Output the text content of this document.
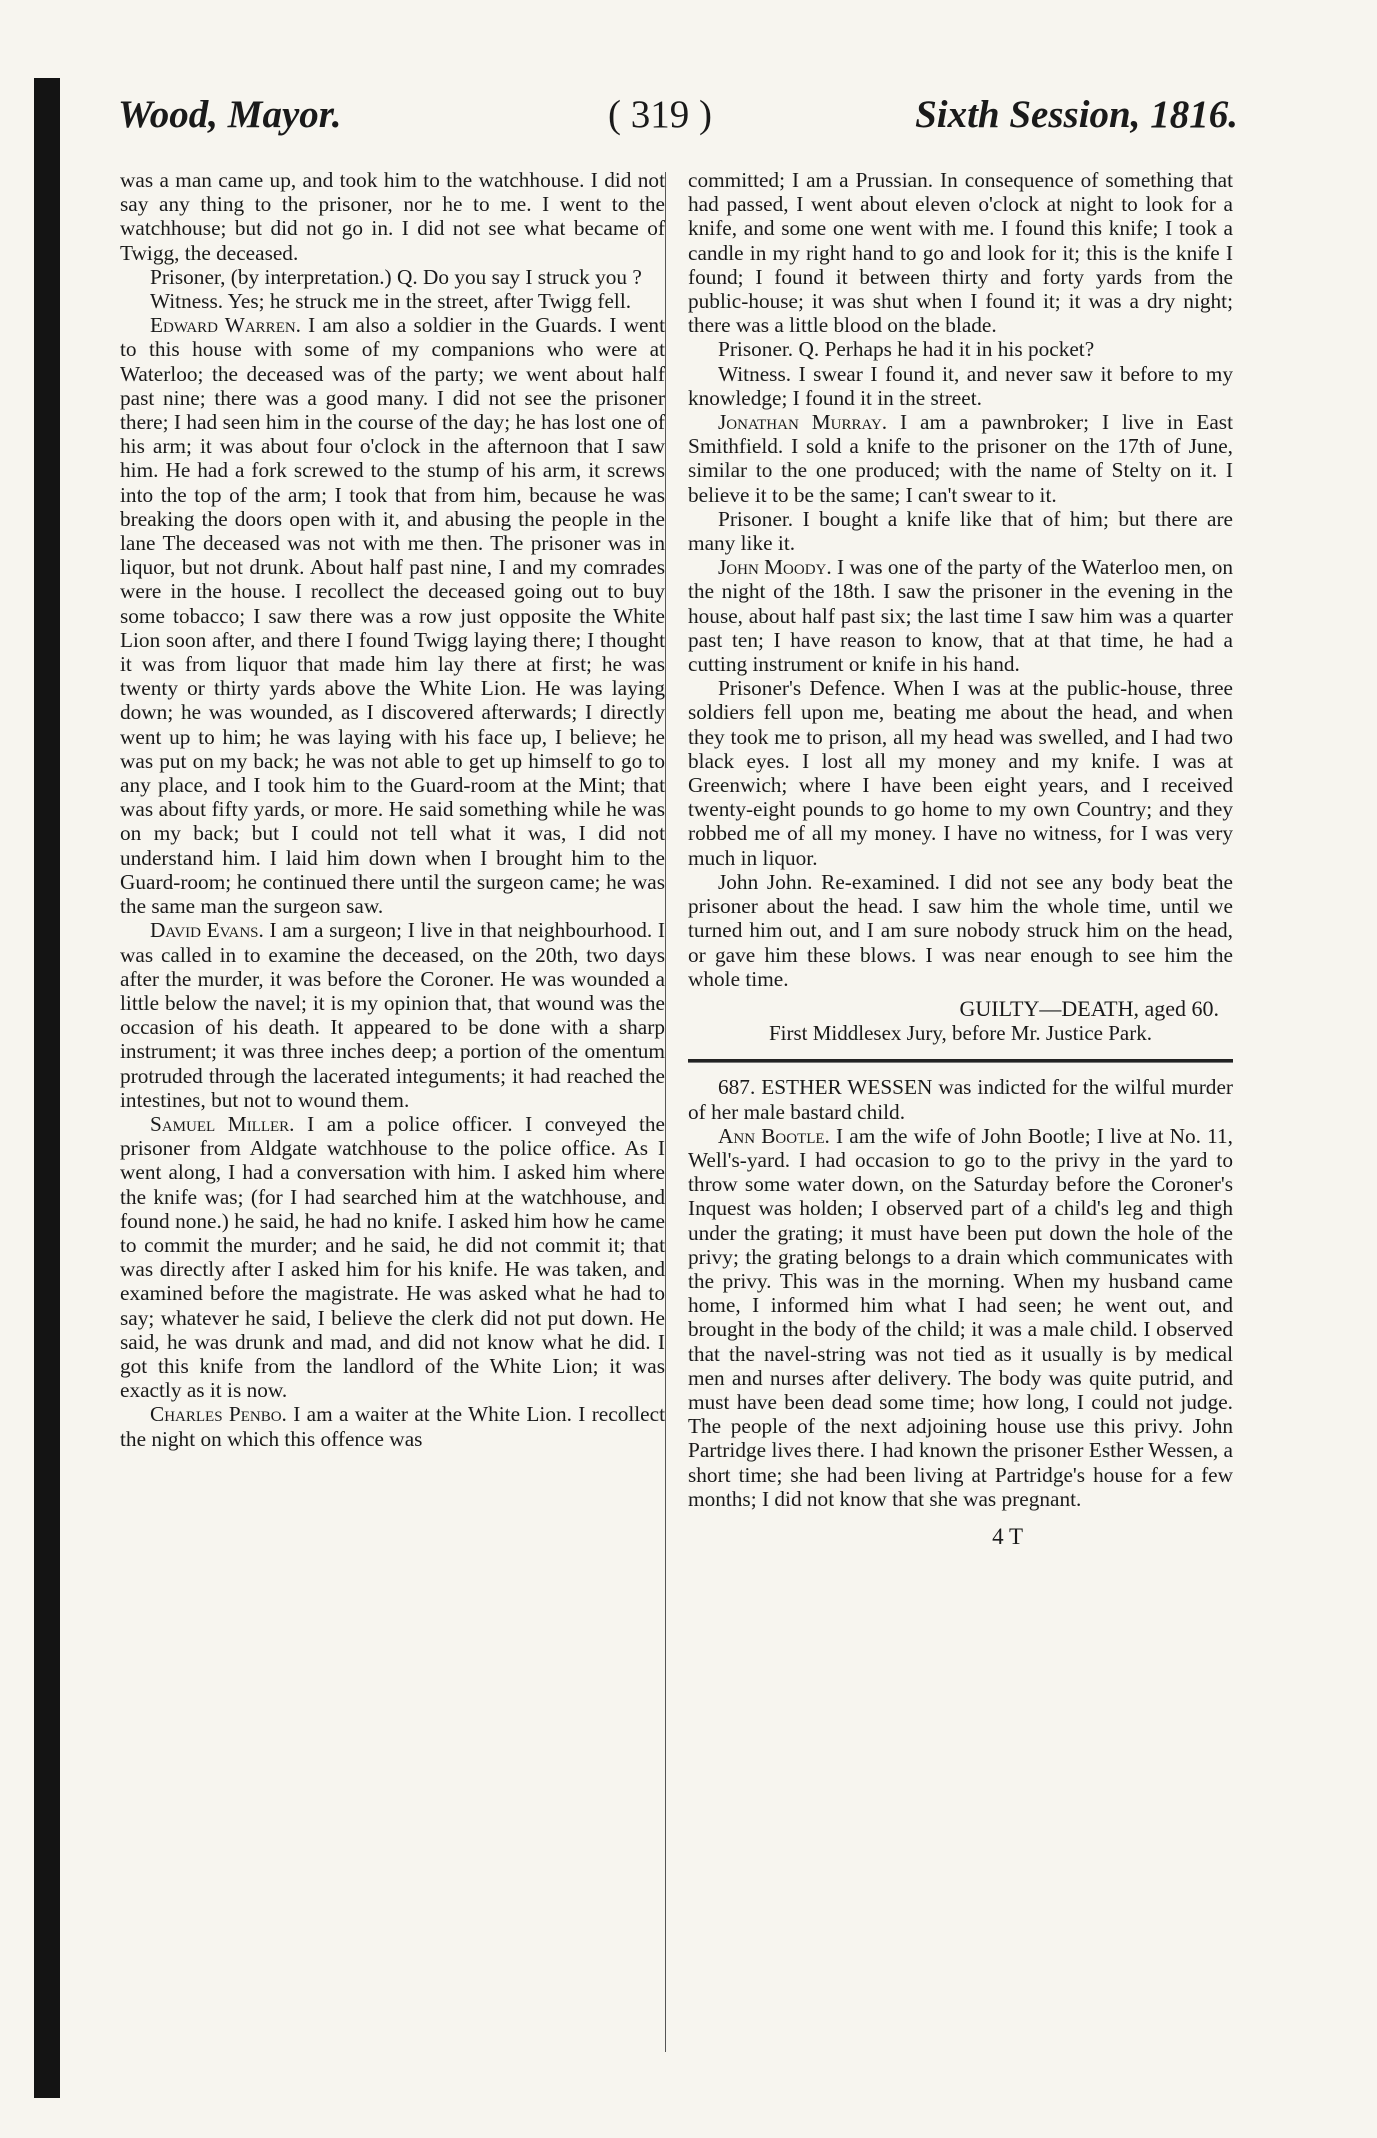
Wood, Mayor.	( 319 )	Sixth Session, 1816.

was a man came up, and took him to the watchhouse. I did not say any thing to the prisoner, nor he to me. I went to the watchhouse; but did not go in. I did not see what became of Twigg, the deceased.

Prisoner, (by interpretation.) Q. Do you say I struck you ?

Witness. Yes; he struck me in the street, after Twigg fell.

Edward Warren. I am also a soldier in the Guards. I went to this house with some of my companions who were at Waterloo; the deceased was of the party; we went about half past nine; there was a good many. I did not see the prisoner there; I had seen him in the course of the day; he has lost one of his arm; it was about four o'clock in the afternoon that I saw him. He had a fork screwed to the stump of his arm, it screws into the top of the arm; I took that from him, because he was breaking the doors open with it, and abusing the people in the lane The deceased was not with me then. The prisoner was in liquor, but not drunk. About half past nine, I and my comrades were in the house. I recollect the deceased going out to buy some tobacco; I saw there was a row just opposite the White Lion soon after, and there I found Twigg laying there; I thought it was from liquor that made him lay there at first; he was twenty or thirty yards above the White Lion. He was laying down; he was wounded, as I discovered afterwards; I directly went up to him; he was laying with his face up, I believe; he was put on my back; he was not able to get up himself to go to any place, and I took him to the Guard-room at the Mint; that was about fifty yards, or more. He said something while he was on my back; but I could not tell what it was, I did not understand him. I laid him down when I brought him to the Guard-room; he continued there until the surgeon came; he was the same man the surgeon saw.

David Evans. I am a surgeon; I live in that neighbourhood. I was called in to examine the deceased, on the 20th, two days after the murder, it was before the Coroner. He was wounded a little below the navel; it is my opinion that, that wound was the occasion of his death. It appeared to be done with a sharp instrument; it was three inches deep; a portion of the omentum protruded through the lacerated integuments; it had reached the intestines, but not to wound them.

Samuel Miller. I am a police officer. I conveyed the prisoner from Aldgate watchhouse to the police office. As I went along, I had a conversation with him. I asked him where the knife was; (for I had searched him at the watchhouse, and found none.) he said, he had no knife. I asked him how he came to commit the murder; and he said, he did not commit it; that was directly after I asked him for his knife. He was taken, and examined before the magistrate. He was asked what he had to say; whatever he said, I believe the clerk did not put down. He said, he was drunk and mad, and did not know what he did. I got this knife from the landlord of the White Lion; it was exactly as it is now.

Charles Penbo. I am a waiter at the White Lion. I recollect the night on which this offence was

committed; I am a Prussian. In consequence of something that had passed, I went about eleven o'clock at night to look for a knife, and some one went with me. I found this knife; I took a candle in my right hand to go and look for it; this is the knife I found; I found it between thirty and forty yards from the public-house; it was shut when I found it; it was a dry night; there was a little blood on the blade.

Prisoner. Q. Perhaps he had it in his pocket?

Witness. I swear I found it, and never saw it before to my knowledge; I found it in the street.

Jonathan Murray. I am a pawnbroker; I live in East Smithfield. I sold a knife to the prisoner on the 17th of June, similar to the one produced; with the name of Stelty on it. I believe it to be the same; I can't swear to it.

Prisoner. I bought a knife like that of him; but there are many like it.

John Moody. I was one of the party of the Waterloo men, on the night of the 18th. I saw the prisoner in the evening in the house, about half past six; the last time I saw him was a quarter past ten; I have reason to know, that at that time, he had a cutting instrument or knife in his hand.

Prisoner's Defence. When I was at the public-house, three soldiers fell upon me, beating me about the head, and when they took me to prison, all my head was swelled, and I had two black eyes. I lost all my money and my knife. I was at Greenwich; where I have been eight years, and I received twenty-eight pounds to go home to my own Country; and they robbed me of all my money. I have no witness, for I was very much in liquor.

John John. Re-examined. I did not see any body beat the prisoner about the head. I saw him the whole time, until we turned him out, and I am sure nobody struck him on the head, or gave him these blows. I was near enough to see him the whole time.

GUILTY—DEATH, aged 60.

First Middlesex Jury, before Mr. Justice Park.

687. ESTHER WESSEN was indicted for the wilful murder of her male bastard child.

Ann Bootle. I am the wife of John Bootle; I live at No. 11, Well's-yard. I had occasion to go to the privy in the yard to throw some water down, on the Saturday before the Coroner's Inquest was holden; I observed part of a child's leg and thigh under the grating; it must have been put down the hole of the privy; the grating belongs to a drain which communicates with the privy. This was in the morning. When my husband came home, I informed him what I had seen; he went out, and brought in the body of the child; it was a male child. I observed that the navel-string was not tied as it usually is by medical men and nurses after delivery. The body was quite putrid, and must have been dead some time; how long, I could not judge. The people of the next adjoining house use this privy. John Partridge lives there. I had known the prisoner Esther Wessen, a short time; she had been living at Partridge's house for a few months; I did not know that she was pregnant.

4 T
